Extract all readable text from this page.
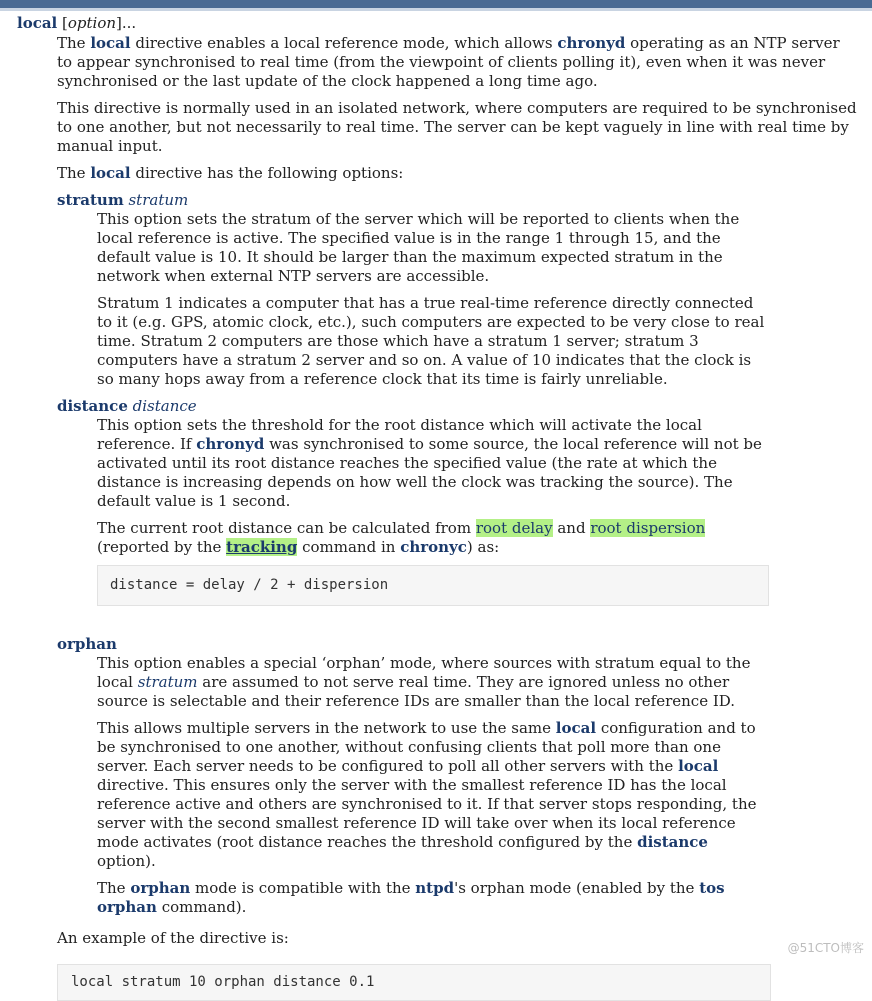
local [option]...

The local directive enables a local reference mode, which allows chronyd operating as an NTP server to appear synchronised to real time (from the viewpoint of clients polling it), even when it was never synchronised or the last update of the clock happened a long time ago.

This directive is normally used in an isolated network, where computers are required to be synchronised to one another, but not necessarily to real time. The server can be kept vaguely in line with real time by manual input.

The local directive has the following options:

stratum stratum

This option sets the stratum of the server which will be reported to clients when the local reference is active. The specified value is in the range 1 through 15, and the default value is 10. It should be larger than the maximum expected stratum in the network when external NTP servers are accessible.

Stratum 1 indicates a computer that has a true real-time reference directly connected to it (e.g. GPS, atomic clock, etc.), such computers are expected to be very close to real time. Stratum 2 computers are those which have a stratum 1 server; stratum 3 computers have a stratum 2 server and so on. A value of 10 indicates that the clock is so many hops away from a reference clock that its time is fairly unreliable.

distance distance

This option sets the threshold for the root distance which will activate the local reference. If chronyd was synchronised to some source, the local reference will not be activated until its root distance reaches the specified value (the rate at which the distance is increasing depends on how well the clock was tracking the source). The default value is 1 second.

The current root distance can be calculated from root delay and root dispersion (reported by the tracking command in chronyc) as:

distance = delay / 2 + dispersion
orphan

This option enables a special ‘orphan’ mode, where sources with stratum equal to the local stratum are assumed to not serve real time. They are ignored unless no other source is selectable and their reference IDs are smaller than the local reference ID.

This allows multiple servers in the network to use the same local configuration and to be synchronised to one another, without confusing clients that poll more than one server. Each server needs to be configured to poll all other servers with the local directive. This ensures only the server with the smallest reference ID has the local reference active and others are synchronised to it. If that server stops responding, the server with the second smallest reference ID will take over when its local reference mode activates (root distance reaches the threshold configured by the distance option).

The orphan mode is compatible with the ntpd's orphan mode (enabled by the tos orphan command).

An example of the directive is:
local stratum 10 orphan distance 0.1
@51CTO博客
